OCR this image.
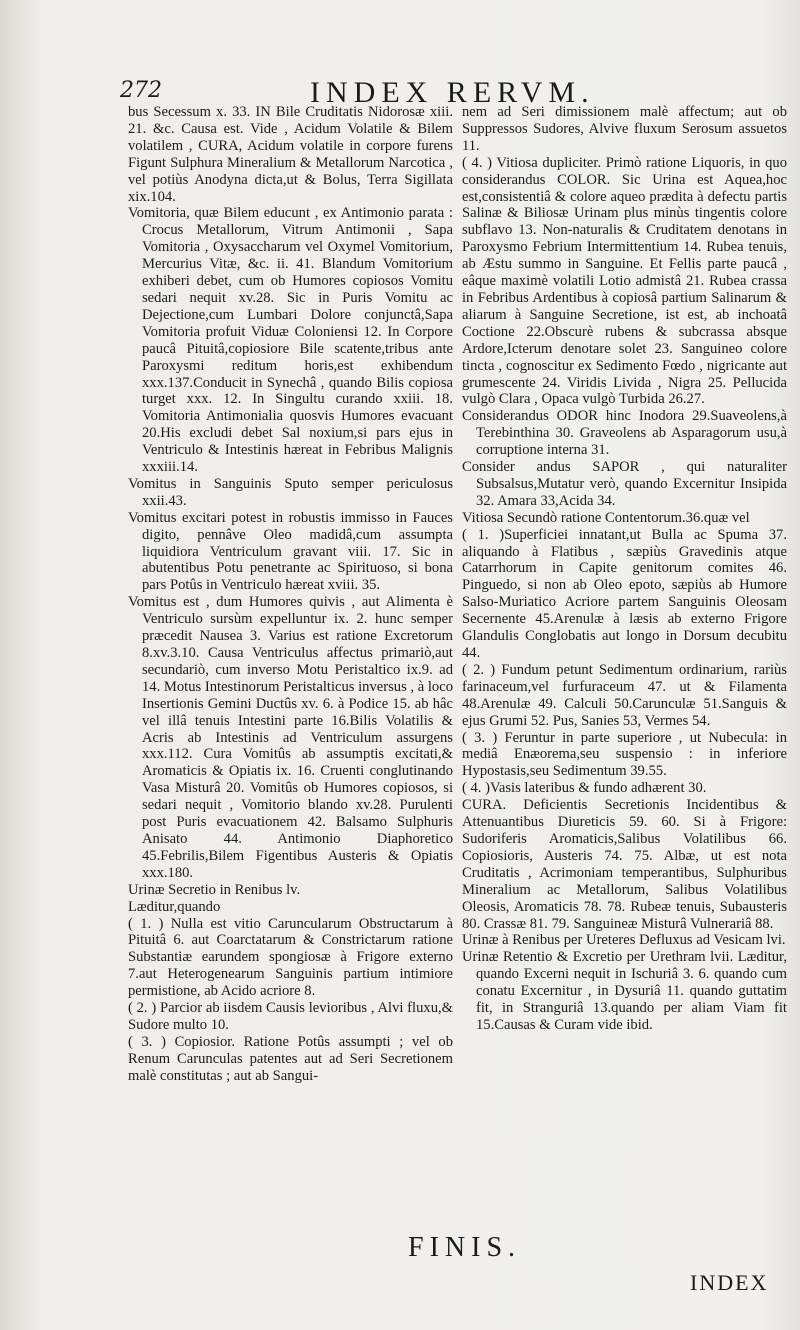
272	INDEX RERVM.
bus Secessum x. 33. IN Bile Cruditatis Nidorosæ xiii. 21. &c. Causa est. Vide , Acidum Volatile & Bilem volatilem , CURA, Acidum volatile in corpore furens Figunt Sulphura Mineralium & Metallorum Narcotica , vel potiùs Anodyna dicta,ut & Bolus, Terra Sigillata xix.104.
Vomitoria, quæ Bilem educunt , ex Antimonio parata : Crocus Metallorum, Vitrum Antimonii , Sapa Vomitoria , Oxysaccharum vel Oxymel Vomitorium, Mercurius Vitæ, &c. ii. 41. Blandum Vomitorium exhiberi debet, cum ob Humores copiosos Vomitu sedari nequit xv.28. Sic in Puris Vomitu ac Dejectione,cum Lumbari Dolore conjunctâ,Sapa Vomitoria profuit Viduæ Coloniensi 12. In Corpore paucâ Pituitâ,copiosiore Bile scatente,tribus ante Paroxysmi reditum horis,est exhibendum xxx.137.Conducit in Synechâ , quando Bilis copiosa turget xxx. 12. In Singultu curando xxiii. 18. Vomitoria Antimonialia quosvis Humores evacuant 20.His excludi debet Sal noxium,si pars ejus in Ventriculo & Intestinis hæreat in Febribus Malignis xxxiii.14.
Vomitus in Sanguinis Sputo semper periculosus xxii.43.
Vomitus excitari potest in robustis immisso in Fauces digito, pennâve Oleo madidâ,cum assumpta liquidiora Ventriculum gravant viii. 17. Sic in abutentibus Potu penetrante ac Spirituoso, si bona pars Potûs in Ventriculo hæreat xviii. 35.
Vomitus est , dum Humores quivis , aut Alimenta è Ventriculo sursùm expelluntur ix. 2. hunc semper præcedit Nausea 3. Varius est ratione Excretorum 8.xv.3.10. Causa Ventriculus affectus primariò,aut secundariò, cum inverso Motu Peristaltico ix.9. ad 14. Motus Intestinorum Peristalticus inversus , à loco Insertionis Gemini Ductûs xv. 6. à Podice 15. ab hâc vel illâ tenuis Intestini parte 16.Bilis Volatilis & Acris ab Intestinis ad Ventriculum assurgens xxx.112. Cura Vomitûs ab assumptis excitati,& Aromaticis & Opiatis ix. 16. Cruenti conglutinando Vasa Misturâ 20. Vomitûs ob Humores copiosos, si sedari nequit , Vomitorio blando xv.28. Purulenti post Puris evacuationem 42. Balsamo Sulphuris Anisato 44. Antimonio Diaphoretico 45.Febrilis,Bilem Figentibus Austeris & Opiatis xxx.180.
Urinæ Secretio in Renibus lv.
Læditur,quando
( 1. ) Nulla est vitio Caruncularum Obstructarum à Pituitâ 6. aut Coarctatarum & Constrictarum ratione Substantiæ earundem spongiosæ à Frigore externo 7.aut Heterogenearum Sanguinis partium intimiore permistione, ab Acido acriore 8.
( 2. ) Parcior ab iisdem Causis levioribus , Alvi fluxu,& Sudore multo 10.
( 3. ) Copiosior. Ratione Potûs assumpti ; vel ob Renum Carunculas patentes aut ad Seri Secretionem malè constitutas ; aut ab Sangui-
nem ad Seri dimissionem malè affectum; aut ob Suppressos Sudores, Alvive fluxum Serosum assuetos 11.
( 4. ) Vitiosa dupliciter. Primò ratione Liquoris, in quo considerandus COLOR. Sic Urina est Aquea,hoc est,consistentiâ & colore aqueo prædita à defectu partis Salinæ & Biliosæ Urinam plus minùs tingentis colore subflavo 13. Non-naturalis & Cruditatem denotans in Paroxysmo Febrium Intermittentium 14. Rubea tenuis, ab Æstu summo in Sanguine. Et Fellis parte paucâ , eâque maximè volatili Lotio admistâ 21. Rubea crassa in Febribus Ardentibus à copiosâ partium Salinarum & aliarum à Sanguine Secretione, ist est, ab inchoatâ Coctione 22.Obscurè rubens & subcrassa absque Ardore,Icterum denotare solet 23. Sanguineo colore tincta , cognoscitur ex Sedimento Fœdo , nigricante aut grumescente 24. Viridis Livida , Nigra 25. Pellucida vulgò Clara , Opaca vulgò Turbida 26.27.
Considerandus ODOR hinc Inodora 29.Suaveolens,à Terebinthina 30. Graveolens ab Asparagorum usu,à corruptione interna 31.
Consider andus SAPOR , qui naturaliter Subsalsus,Mutatur verò, quando Excernitur Insipida 32. Amara 33,Acida 34.
Vitiosa Secundò ratione Contentorum.36.quæ vel
( 1. )Superficiei innatant,ut Bulla ac Spuma 37. aliquando à Flatibus , sæpiùs Gravedinis atque Catarrhorum in Capite genitorum comites 46. Pinguedo, si non ab Oleo epoto, sæpiùs ab Humore Salso-Muriatico Acriore partem Sanguinis Oleosam Secernente 45.Arenulæ à læsis ab externo Frigore Glandulis Conglobatis aut longo in Dorsum decubitu 44.
( 2. ) Fundum petunt Sedimentum ordinarium, rariùs farinaceum,vel furfuraceum 47. ut & Filamenta 48.Arenulæ 49. Calculi 50.Carunculæ 51.Sanguis & ejus Grumi 52. Pus, Sanies 53, Vermes 54.
( 3. ) Feruntur in parte superiore , ut Nubecula: in mediâ Enæorema,seu suspensio : in inferiore Hypostasis,seu Sedimentum 39.55.
( 4. )Vasis lateribus & fundo adhærent 30.
CURA. Deficientis Secretionis Incidentibus & Attenuantibus Diureticis 59. 60. Si à Frigore: Sudoriferis Aromaticis,Salibus Volatilibus 66. Copiosioris, Austeris 74. 75. Albæ, ut est nota Cruditatis , Acrimoniam temperantibus, Sulphuribus Mineralium ac Metallorum, Salibus Volatilibus Oleosis, Aromaticis 78. 78. Rubeæ tenuis, Subausteris 80. Crassæ 81. 79. Sanguineæ Misturâ Vulnerariâ 88.
Urinæ à Renibus per Ureteres Defluxus ad Vesicam lvi.
Urinæ Retentio & Excretio per Urethram lvii. Læditur, quando Excerni nequit in Ischuriâ 3. 6. quando cum conatu Excernitur , in Dysuriâ 11. quando guttatim fit, in Stranguriâ 13.quando per aliam Viam fit 15.Causas & Curam vide ibid.
FINIS.
INDEX
